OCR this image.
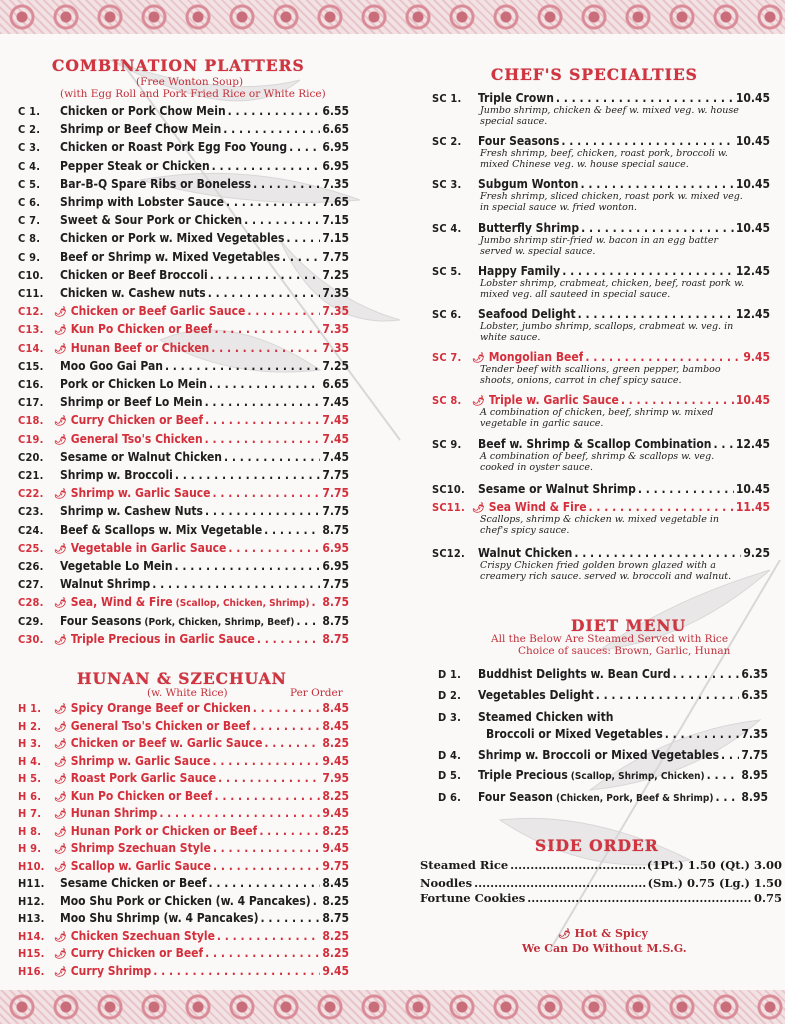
COMBINATION PLATTERS
(Free Wonton Soup)
(with Egg Roll and Pork Fried Rice or White Rice)
C 1.	Chicken or Pork Chow Mein . . .	6.55
C 2.	Shrimp or Beef Chow Mein . . .	6.65
C 3.	Chicken or Roast Pork Egg Foo Young . . .	6.95
C 4.	Pepper Steak or Chicken . . .	6.95
C 5.	Bar-B-Q Spare Ribs or Boneless . . .	7.35
C 6.	Shrimp with Lobster Sauce . . .	7.65
C 7.	Sweet & Sour Pork or Chicken . . .	7.15
C 8.	Chicken or Pork w. Mixed Vegetables . . .	7.15
C 9.	Beef or Shrimp w. Mixed Vegetables . . .	7.75
C10.	Chicken or Beef Broccoli . . .	7.25
C11.	Chicken w. Cashew nuts . . .	7.35
C12.	🌶︎ Chicken or Beef Garlic Sauce . . .	7.35
C13.	🌶︎ Kun Po Chicken or Beef . . .	7.35
C14.	🌶︎ Hunan Beef or Chicken . . .	7.35
C15.	Moo Goo Gai Pan . . .	7.25
C16.	Pork or Chicken Lo Mein . . .	6.65
C17.	Shrimp or Beef Lo Mein . . .	7.45
C18.	🌶︎ Curry Chicken or Beef . . .	7.45
C19.	🌶︎ General Tso's Chicken . . .	7.45
C20.	Sesame or Walnut Chicken . . .	7.45
C21.	Shrimp w. Broccoli . . .	7.75
C22.	🌶︎ Shrimp w. Garlic Sauce . . .	7.75
C23.	Shrimp w. Cashew Nuts . . .	7.75
C24.	Beef & Scallops w. Mix Vegetable . . .	8.75
C25.	🌶︎ Vegetable in Garlic Sauce . . .	6.95
C26.	Vegetable Lo Mein . . .	6.95
C27.	Walnut Shrimp . . .	7.75
C28.	🌶︎ Sea, Wind & Fire (Scallop, Chicken, Shrimp) . . . 8.75
C29.	Four Seasons (Pork, Chicken, Shrimp, Beef) . . . 8.75
C30.	🌶︎ Triple Precious in Garlic Sauce . . .	8.75
HUNAN & SZECHUAN
(w. White Rice)	Per Order
H 1.	🌶︎ Spicy Orange Beef or Chicken . . .	8.45
H 2.	🌶︎ General Tso's Chicken or Beef . . .	8.45
H 3.	🌶︎ Chicken or Beef w. Garlic Sauce . . .	8.25
H 4.	🌶︎ Shrimp w. Garlic Sauce . . .	9.45
H 5.	🌶︎ Roast Pork Garlic Sauce . . .	7.95
H 6.	🌶︎ Kun Po Chicken or Beef . . .	8.25
H 7.	🌶︎ Hunan Shrimp . . .	9.45
H 8.	🌶︎ Hunan Pork or Chicken or Beef . . .	8.25
H 9.	🌶︎ Shrimp Szechuan Style . . .	9.45
H10. 🌶︎ Scallop w. Garlic Sauce . . .	9.75
H11.	Sesame Chicken or Beef . . .	8.45
H12.	Moo Shu Pork or Chicken (w. 4 Pancakes) . . . 8.25
H13.	Moo Shu Shrimp (w. 4 Pancakes) . . .	8.75
H14. 🌶︎ Chicken Szechuan Style . . .	8.25
H15. 🌶︎ Curry Chicken or Beef . . .	8.25
H16. 🌶︎ Curry Shrimp . . .	9.45
CHEF'S SPECIALTIES
SC 1.	Triple Crown . . .	10.45
Jumbo shrimp, chicken & beef w. mixed veg. w. house special sauce.
SC 2.	Four Seasons . . .	10.45
Fresh shrimp, beef, chicken, roast pork, broccoli w. mixed Chinese veg. w. house special sauce.
SC 3.	Subgum Wonton . . .	10.45
Fresh shrimp, sliced chicken, roast pork w. mixed veg. in special sauce w. fried wonton.
SC 4.	Butterfly Shrimp . . .	10.45
Jumbo shrimp stir-fried w. bacon in an egg batter served w. special sauce.
SC 5.	Happy Family . . .	12.45
Lobster shrimp, crabmeat, chicken, beef, roast pork w. mixed veg. all sauteed in special sauce.
SC 6.	Seafood Delight . . .	12.45
Lobster, jumbo shrimp, scallops, crabmeat w. veg. in white sauce.
SC 7.	🌶︎ Mongolian Beef . . .	9.45
Tender beef with scallions, green pepper, bamboo shoots, onions, carrot in chef spicy sauce.
SC 8.	🌶︎ Triple w. Garlic Sauce . . .	10.45
A combination of chicken, beef, shrimp w. mixed vegetable in garlic sauce.
SC 9.	Beef w. Shrimp & Scallop Combination . . . 12.45
A combination of beef, shrimp & scallops w. veg. cooked in oyster sauce.
SC10.	Sesame or Walnut Shrimp . . .	10.45
SC11. 🌶︎ Sea Wind & Fire . . .	11.45
Scallops, shrimp & chicken w. mixed vegetable in chef's spicy sauce.
SC12.	Walnut Chicken . . .	9.25
Crispy Chicken fried golden brown glazed with a creamery rich sauce. served w. broccoli and walnut.
DIET MENU
All the Below Are Steamed Served with Rice
Choice of sauces: Brown, Garlic, Hunan
D 1.	Buddhist Delights w. Bean Curd . . .	6.35
D 2.	Vegetables Delight . . .	6.35
D 3.	Steamed Chicken with
Broccoli or Mixed Vegetables . . .	7.35
D 4.	Shrimp w. Broccoli or Mixed Vegetables . . . 7.75
D 5.	Triple Precious (Scallop, Shrimp, Chicken) . . .	8.95
D 6.	Four Season (Chicken, Pork, Beef & Shrimp) . . . 8.95
SIDE ORDER
Steamed Rice .....	(1Pt.) 1.50 (Qt.) 3.00
Noodles .....	(Sm.) 0.75 (Lg.) 1.50
Fortune Cookies .....	0.75
🌶︎ Hot & Spicy
We Can Do Without M.S.G.
